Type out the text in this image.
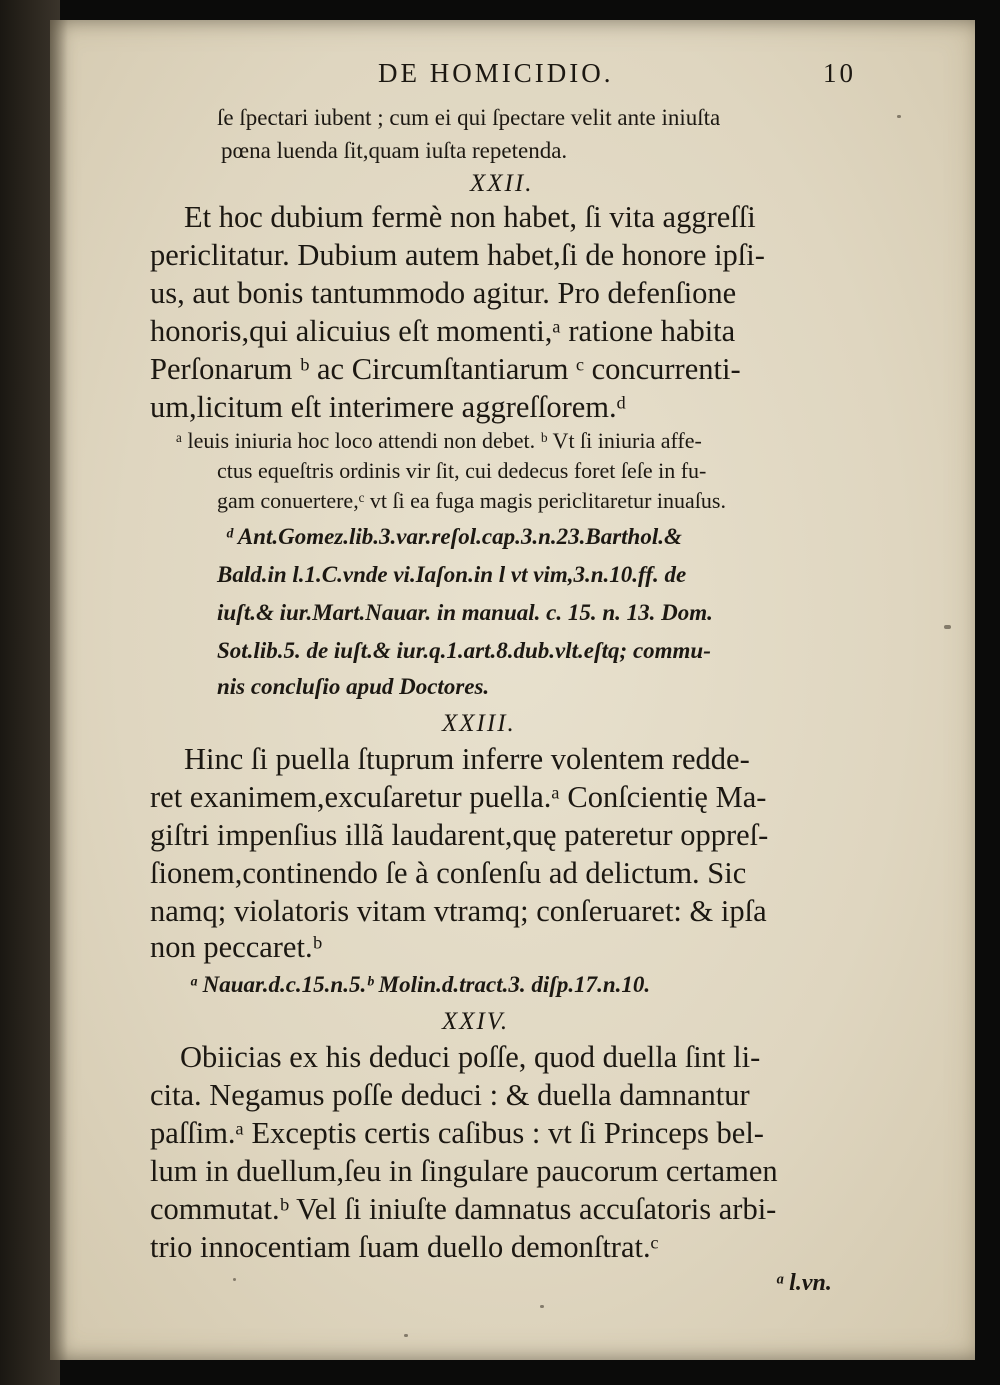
DE HOMICIDIO.	10
ſe ſpectari iubent ; cum ei qui ſpectare velit ante iniuſta
pœna luenda ſit,quam iuſta repetenda.
XXII.
Et hoc dubium fermè non habet, ſi vita aggreſſi
periclitatur. Dubium autem habet,ſi de honore ipſi-
us, aut bonis tantummodo agitur. Pro defenſione
honoris,qui alicuius eſt momenti,ᵃ ratione habita
Perſonarum ᵇ ac Circumſtantiarum ᶜ concurrenti-
um,licitum eſt interimere aggreſſorem.ᵈ
ᵃ leuis iniuria hoc loco attendi non debet. ᵇ Vt ſi iniuria affe-
ctus equeſtris ordinis vir ſit, cui dedecus foret ſeſe in fu-
gam conuertere,ᶜ vt ſi ea fuga magis periclitaretur inuaſus.
ᵈ Ant.Gomez.lib.3.var.reſol.cap.3.n.23.Barthol.&
Bald.in l.1.C.vnde vi.Iaſon.in l vt vim,3.n.10.ff. de
iuſt.& iur.Mart.Nauar. in manual. c. 15. n. 13. Dom.
Sot.lib.5. de iuſt.& iur.q.1.art.8.dub.vlt.eſtq; commu-
nis concluſio apud Doctores.
XXIII.
Hinc ſi puella ſtuprum inferre volentem redde-
ret exanimem,excuſaretur puella.ᵃ Conſcientię Ma-
giſtri impenſius illã laudarent,quę pateretur oppreſ-
ſionem,continendo ſe à conſenſu ad delictum. Sic
namq; violatoris vitam vtramq; conſeruaret: & ipſa
non peccaret.ᵇ
ᵃ Nauar.d.c.15.n.5.ᵇ Molin.d.tract.3. diſp.17.n.10.
XXIV.
Obiicias ex his deduci poſſe, quod duella ſint li-
cita. Negamus poſſe deduci : & duella damnantur
paſſim.ᵃ Exceptis certis caſibus : vt ſi Princeps bel-
lum in duellum,ſeu in ſingulare paucorum certamen
commutat.ᵇ Vel ſi iniuſte damnatus accuſatoris arbi-
trio innocentiam ſuam duello demonſtrat.ᶜ
ᵃ l.vn.
